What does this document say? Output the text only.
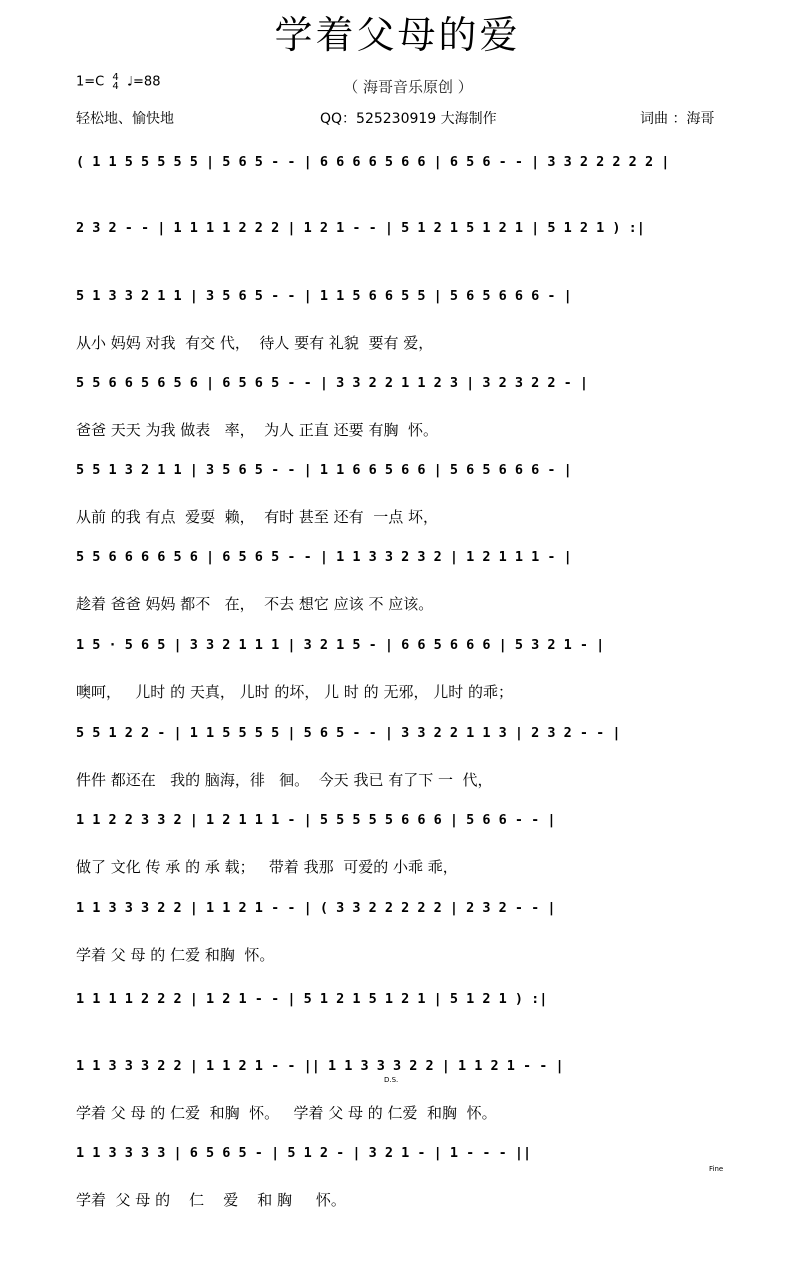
学着父母的爱
1=C 4
4 ♩=88	（ 海哥音乐原创 ）
轻松地、愉快地	QQ：525230919 大海制作	词曲 ：海哥
( 1 1 5 5 5 5 5 | 5 6 5 - - | 6 6 6 6 5 6 6 | 6 5 6 - - | 3 3 2 2 2 2 2 |
2 3 2 - - | 1 1 1 1 2 2 2 | 1 2 1 - - | 5 1 2 1 5 1 2 1 | 5 1 2 1 ) :|
5 1 3 3 2 1 1 | 3 5 6 5 - - | 1 1 5 6 6 5 5 | 5 6 5 6 6 6 - |
从小 妈妈 对我  有交 代，  待人 要有 礼貌  要有 爱，
5 5 6 6 5 6 5 6 | 6 5 6 5 - - | 3 3 2 2 1 1 2 3 | 3 2 3 2 2 - |
爸爸 天天 为我 做表   率，  为人 正直 还要 有胸  怀。
5 5 1 3 2 1 1 | 3 5 6 5 - - | 1 1 6 6 5 6 6 | 5 6 5 6 6 6 - |
从前 的我 有点  爱耍  赖，  有时 甚至 还有  一点 坏，
5 5 6 6 6 6 5 6 | 6 5 6 5 - - | 1 1 3 3 2 3 2 | 1 2 1 1 1 - |
趁着 爸爸 妈妈 都不   在，  不去 想它 应该 不 应该。
1 5 · 5 6 5 | 3 3 2 1 1 1 | 3 2 1 5 - | 6 6 5 6 6 6 | 5 3 2 1 - |
噢呵，   儿时 的 天真， 儿时 的坏， 儿 时 的 无邪， 儿时 的乖；
5 5 1 2 2 - | 1 1 5 5 5 5 | 5 6 5 - - | 3 3 2 2 1 1 3 | 2 3 2 - - |
件件 都还在   我的 脑海，徘   徊。  今天 我已 有了下 一  代，
1 1 2 2 3 3 2 | 1 2 1 1 1 - | 5 5 5 5 5 6 6 6 | 5 6 6 - - |
做了 文化 传 承 的 承 载；   带着 我那  可爱的 小乖 乖，
1 1 3 3 3 2 2 | 1 1 2 1 - - | ( 3 3 2 2 2 2 2 | 2 3 2 - - |
学着 父 母 的 仁爱 和胸  怀。
1 1 1 1 2 2 2 | 1 2 1 - - | 5 1 2 1 5 1 2 1 | 5 1 2 1 ) :|
1 1 3 3 3 2 2 | 1 1 2 1 - - || 1 1 3 3 3 2 2 | 1 1 2 1 - - |
学着 父 母 的 仁爱  和胸  怀。   学着 父 母 的 仁爱  和胸  怀。
1 1 3 3 3 3 | 6 5 6 5 - | 5 1 2 - | 3 2 1 - | 1 - - - ||
学着  父 母 的    仁    爱    和 胸     怀。
D.S.
Fine
